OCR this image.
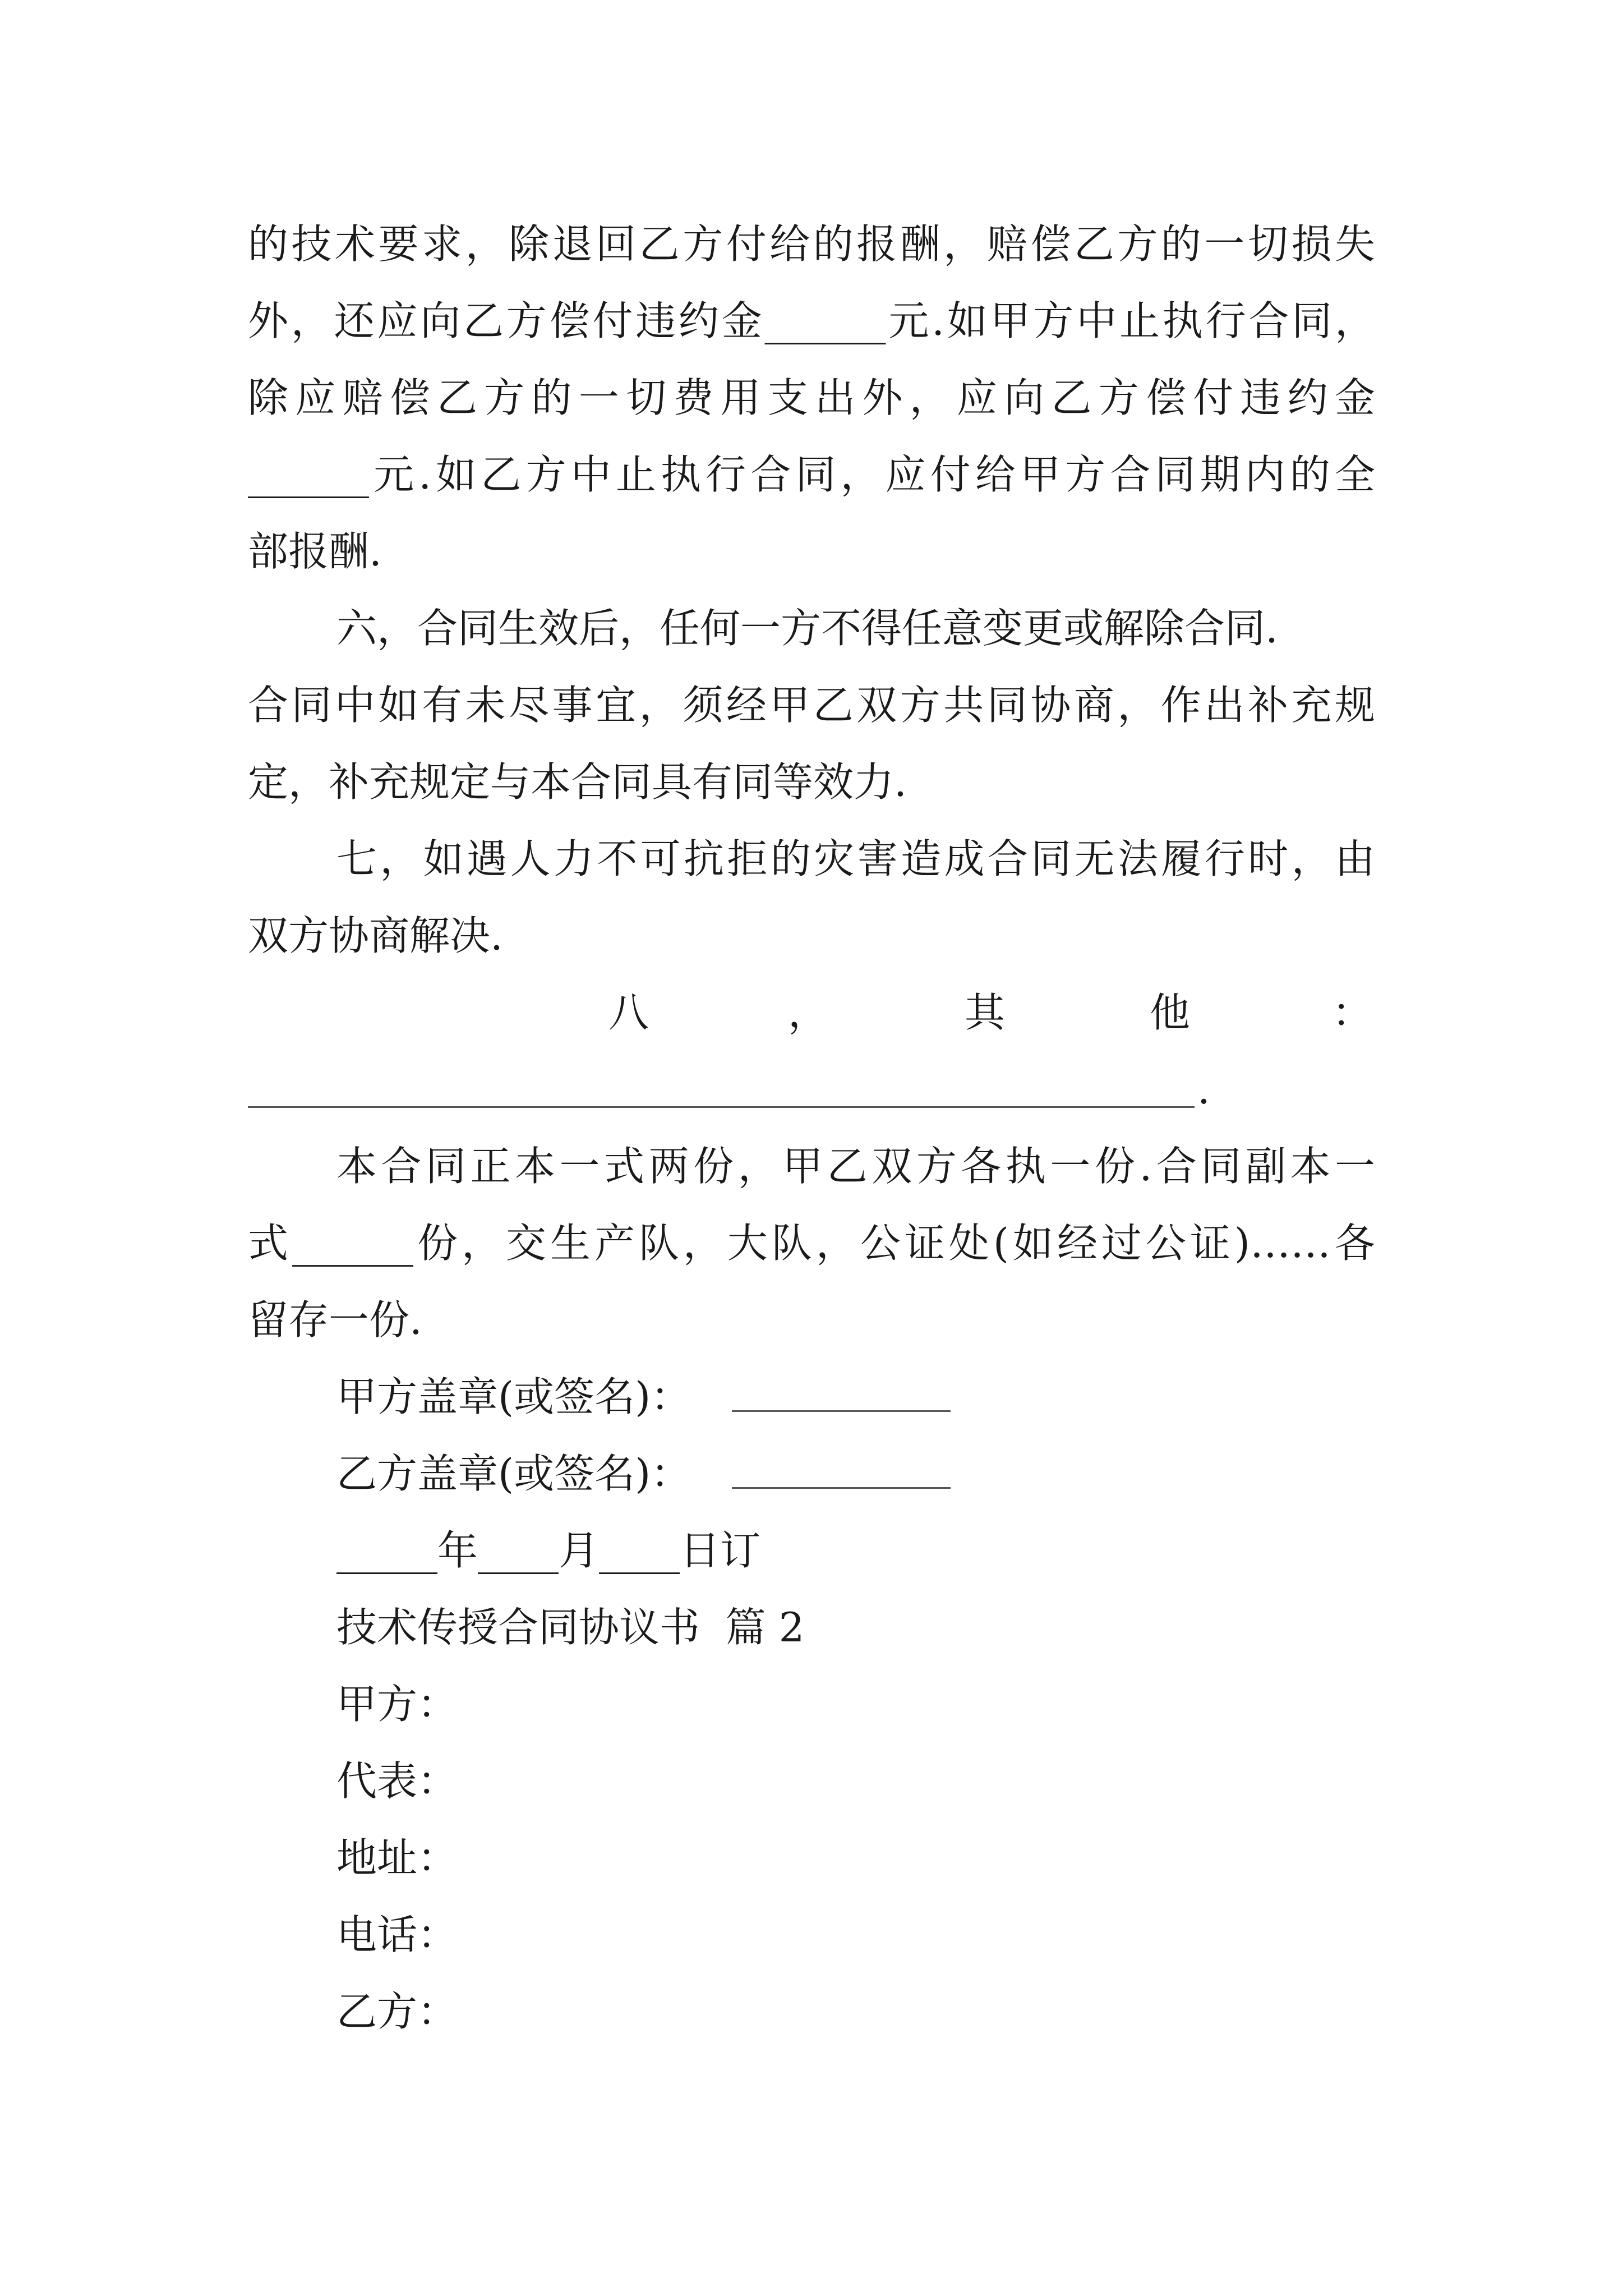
的技术要求，除退回乙方付给的报酬，赔偿乙方的一切损失
外，还应向乙方偿付违约金______元.如甲方中止执行合同，
除应赔偿乙方的一切费用支出外，应向乙方偿付违约金
______元.如乙方中止执行合同，应付给甲方合同期内的全
部报酬.
六，合同生效后，任何一方不得任意变更或解除合同.
合同中如有未尽事宜，须经甲乙双方共同协商，作出补充规
定，补充规定与本合同具有同等效力.
七，如遇人力不可抗拒的灾害造成合同无法履行时，由
双方协商解决.
八	，	其	他	：
.
本合同正本一式两份，甲乙双方各执一份.合同副本一
式______份，交生产队，大队，公证处(如经过公证)……各
留存一份.
甲方盖章(或签名)：
乙方盖章(或签名)：
_____年____月____日订
技术传授合同协议书  篇 2
甲方：
代表：
地址：
电话：
乙方：
